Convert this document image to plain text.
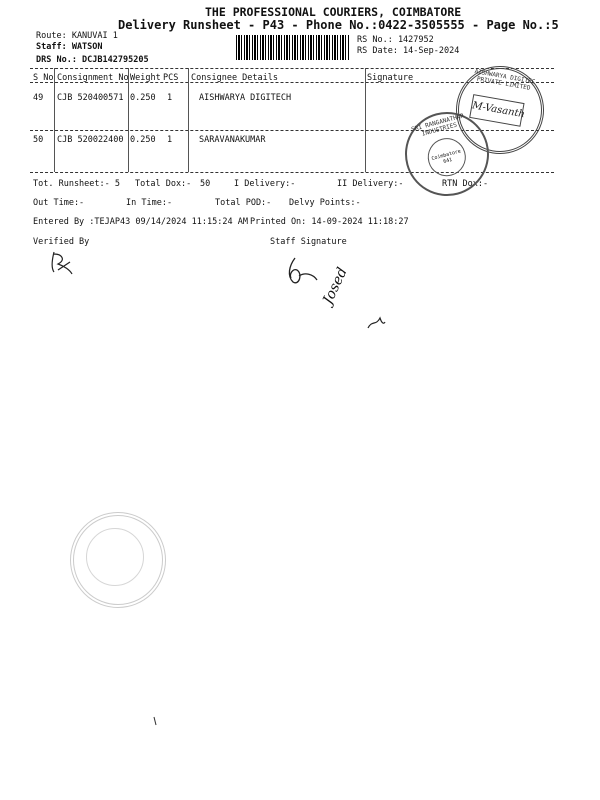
THE PROFESSIONAL COURIERS, COIMBATORE
Delivery Runsheet - P43 - Phone No.:0422-3505555 - Page No.:5
Route: KANUVAI 1
Staff: WATSON
DRS No.: DCJB142795205
RS No.: 1427952
RS Date: 14-Sep-2024
S No Consignment No Weight PCS Consignee Details	Signature
49 CJB 520400571 0.250 1	AISHWARYA DIGITECH
50 CJB 520022400 0.250 1	SARAVANAKUMAR
Tot. Runsheet:- 5 Total Dox:- 50	I Delivery:-	II Delivery:-	RTN Dox:-
Out Time:-	In Time:-	Total POD:- Delvy Points:-
Entered By :TEJAP43 09/14/2024 11:15:24 AM Printed On: 14-09-2024 11:18:27
Verified By	Staff Signature
Josed
AISHWARYA DIGITEC PRIVATE LIMITED
M-Vasanth
SRI RANGANATHAR INDUSTRIES
Coimbatore 641
